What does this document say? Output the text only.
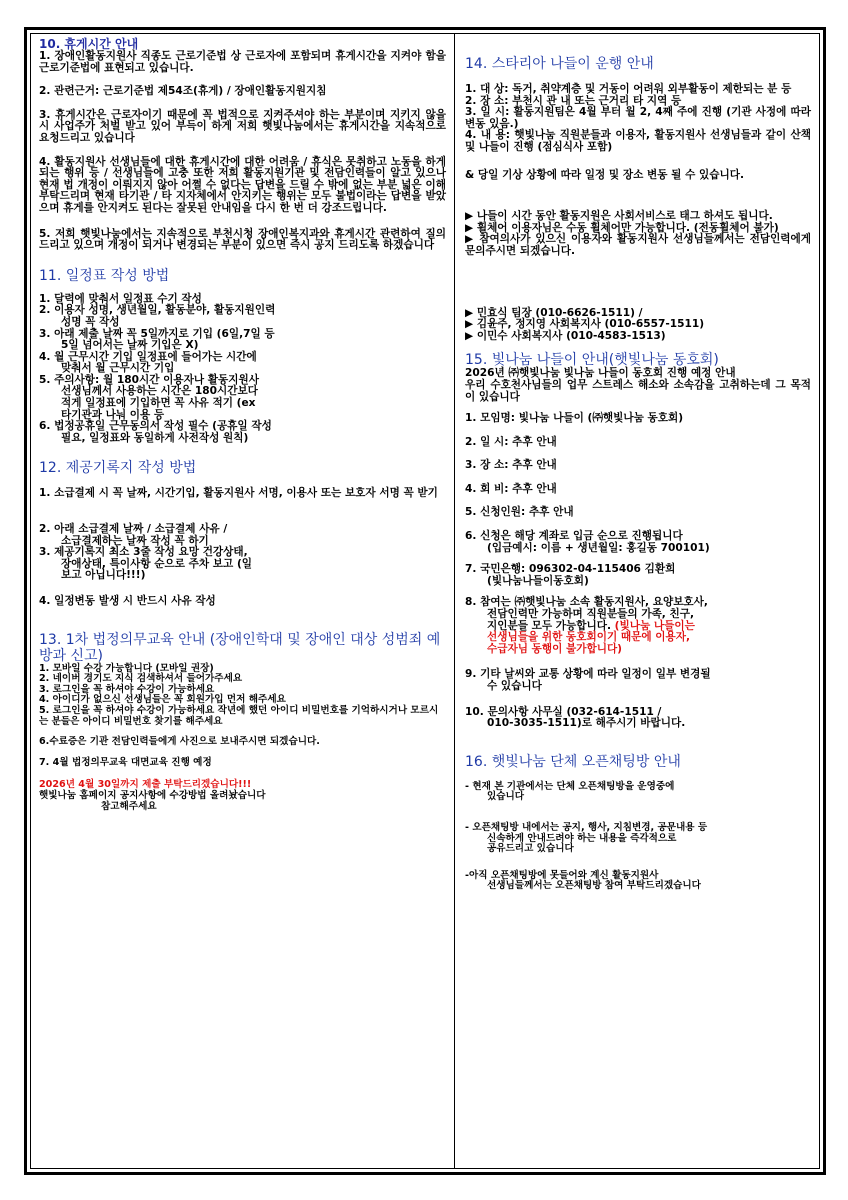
10. 휴게시간 안내

1. 장애인활동지원사 직종도 근로기준법 상 근로자에 포함되며 휴게시간을 지켜야 함을 근로기준법에 표현되고 있습니다.

2. 관련근거: 근로기준법 제54조(휴게) / 장애인활동지원지침

3. 휴게시간은 근로자이기 때문에 꼭 법적으로 지켜주셔야 하는 부분이며 지키지 않을 시 사업주가 처벌 받고 있어 부득이 하게 저희 햇빛나눔에서는 휴게시간을 지속적으로 요청드리고 있습니다

4. 활동지원사 선생님들에 대한 휴게시간에 대한 어려움 / 휴식은 못취하고 노동을 하게 되는 행위 등 / 선생님들에 고충 또한 저희 활동지원기관 및 전담인력들이 알고 있으나 현재 법 개정이 이뤄지지 않아 어쩔 수 없다는 답변을 드릴 수 밖에 없는 부분 넓은 이해 부탁드리며 현재 타기관 / 타 지자체에서 안지키는 행위는 모두 불법이라는 답변을 받았으며 휴게를 안지켜도 된다는 잘못된 안내임을 다시 한 번 더 강조드립니다.

5. 저희 햇빛나눔에서는 지속적으로 부천시청 장애인복지과와 휴게시간 관련하여 질의 드리고 있으며 개정이 되거나 변경되는 부분이 있으면 즉시 공지 드리도록 하겠습니다

11. 일정표 작성 방법

1. 달력에 맞춰서 일정표 수기 작성

2. 이용자 성명, 생년월일, 활동분야, 활동지원인력

성명 꼭 작성

3. 아래 제출 날짜 꼭 5일까지로 기입 (6일,7일 등

5일 넘어서는 날짜 기입은 X)

4. 월 근무시간 기입 일정표에 들어가는 시간에

맞춰서 월 근무시간 기입

5. 주의사항: 월 180시간 이용자나 활동지원사

선생님께서 사용하는 시간은 180시간보다

적게 일정표에 기입하면 꼭 사유 적기 (ex

타기관과 나눠 이용 등

6. 법정공휴일 근무동의서 작성 필수 (공휴일 작성

필요, 일정표와 동일하게 사전작성 원칙)

12. 제공기록지 작성 방법

1. 소급결제 시 꼭 날짜, 시간기입, 활동지원사 서명, 이용사 또는 보호자 서명 꼭 받기

2. 아래 소급결제 날짜 / 소급결제 사유 /

소급결제하는 날짜 작성 꼭 하기

3. 제공기록지 최소 3줄 작성 요망 건강상태,

장애상태, 특이사항 순으로 주차 보고 (일

보고 아닙니다!!!)

4. 일정변동 발생 시 반드시 사유 작성

13. 1차 법정의무교육 안내 (장애인학대 및 장애인 대상 성범죄 예방과 신고)

1. 모바일 수강 가능합니다 (모바일 권장)

2. 네이버 경기도 지식 검색하셔서 들어가주세요

3. 로그인을 꼭 하셔야 수강이 가능하세요

4. 아이디가 없으신 선생님들은 꼭 회원가입 먼저 해주세요

5. 로그인을 꼭 하셔야 수강이 가능하세요 작년에 했던 아이디 비밀번호를 기억하시거나 모르시는 분들은 아이디 비밀번호 찾기를 해주세요

6.수료증은 기관 전담인력들에게 사진으로 보내주시면 되겠습니다.

7. 4월 법정의무교육 대면교육 진행 예정

2026년 4월 30일까지 제출 부탁드리겠습니다!!!

햇빛나눔 홈페이지 공지사항에 수강방법 올려놨습니다

참고해주세요

14. 스타리아 나들이 운행 안내

1. 대 상: 독거, 취약계층 및 거동이 어려워 외부활동이 제한되는 분 등

2. 장 소: 부천시 관 내 또는 근거리 타 지역 등

3. 일 시: 활동지원팀은 4월 부터 월 2, 4째 주에 진행 (기관 사정에 따라 변동 있음.)

4. 내 용: 햇빛나눔 직원분들과 이용자, 활동지원사 선생님들과 같이 산책 및 나들이 진행 (점심식사 포함)

& 당일 기상 상황에 따라 일정 및 장소 변동 될 수 있습니다.

▶ 나들이 시간 동안 활동지원은 사회서비스로 태그 하셔도 됩니다.

▶ 휠체어 이용자님은 수동 휠체어만 가능합니다. (전동휠체어 불가)

▶ 참여의사가 있으신 이용자와 활동지원사 선생님들께서는 전담인력에게 문의주시면 되겠습니다.

▶ 민효식 팀장 (010-6626-1511) /

▶ 김윤주, 정지영 사회복지사 (010-6557-1511)

▶ 이민수 사회복지사 (010-4583-1513)

15. 빛나눔 나들이 안내(햇빛나눔 동호회)

2026년 ㈜햇빛나눔 빛나눔 나들이 동호회 진행 예정 안내

우리 수호천사님들의 업무 스트레스 해소와 소속감을 고취하는데 그 목적이 있습니다

1. 모임명: 빛나눔 나들이 (㈜햇빛나눔 동호회)

2. 일 시: 추후 안내

3. 장 소: 추후 안내

4. 회 비: 추후 안내

5. 신청인원: 추후 안내

6. 신청은 해당 계좌로 입금 순으로 진행됩니다

(입금예시: 이름 + 생년월일: 홍길동 700101)

7. 국민은행: 096302-04-115406 김환희

(빛나눔나들이동호회)

8. 참여는 ㈜햇빛나눔 소속 활동지원사, 요양보호사,

전담인력만 가능하며 직원분들의 가족, 친구,

지인분들 모두 가능합니다. (빛나눔 나들이는

선생님들을 위한 동호회이기 때문에 이용자,

수급자님 동행이 불가합니다)

9. 기타 날씨와 교통 상황에 따라 일정이 일부 변경될

수 있습니다

10. 문의사항 사무실 (032-614-1511 /

010-3035-1511)로 해주시기 바랍니다.

16. 햇빛나눔 단체 오픈채팅방 안내

- 현재 본 기관에서는 단체 오픈채팅방을 운영중에

있습니다

- 오픈채팅방 내에서는 공지, 행사, 지침변경, 공문내용 등

신속하게 안내드려야 하는 내용을 즉각적으로

공유드리고 있습니다

-아직 오픈채팅방에 못들어와 계신 활동지원사

선생님들께서는 오픈채팅방 참여 부탁드리겠습니다
